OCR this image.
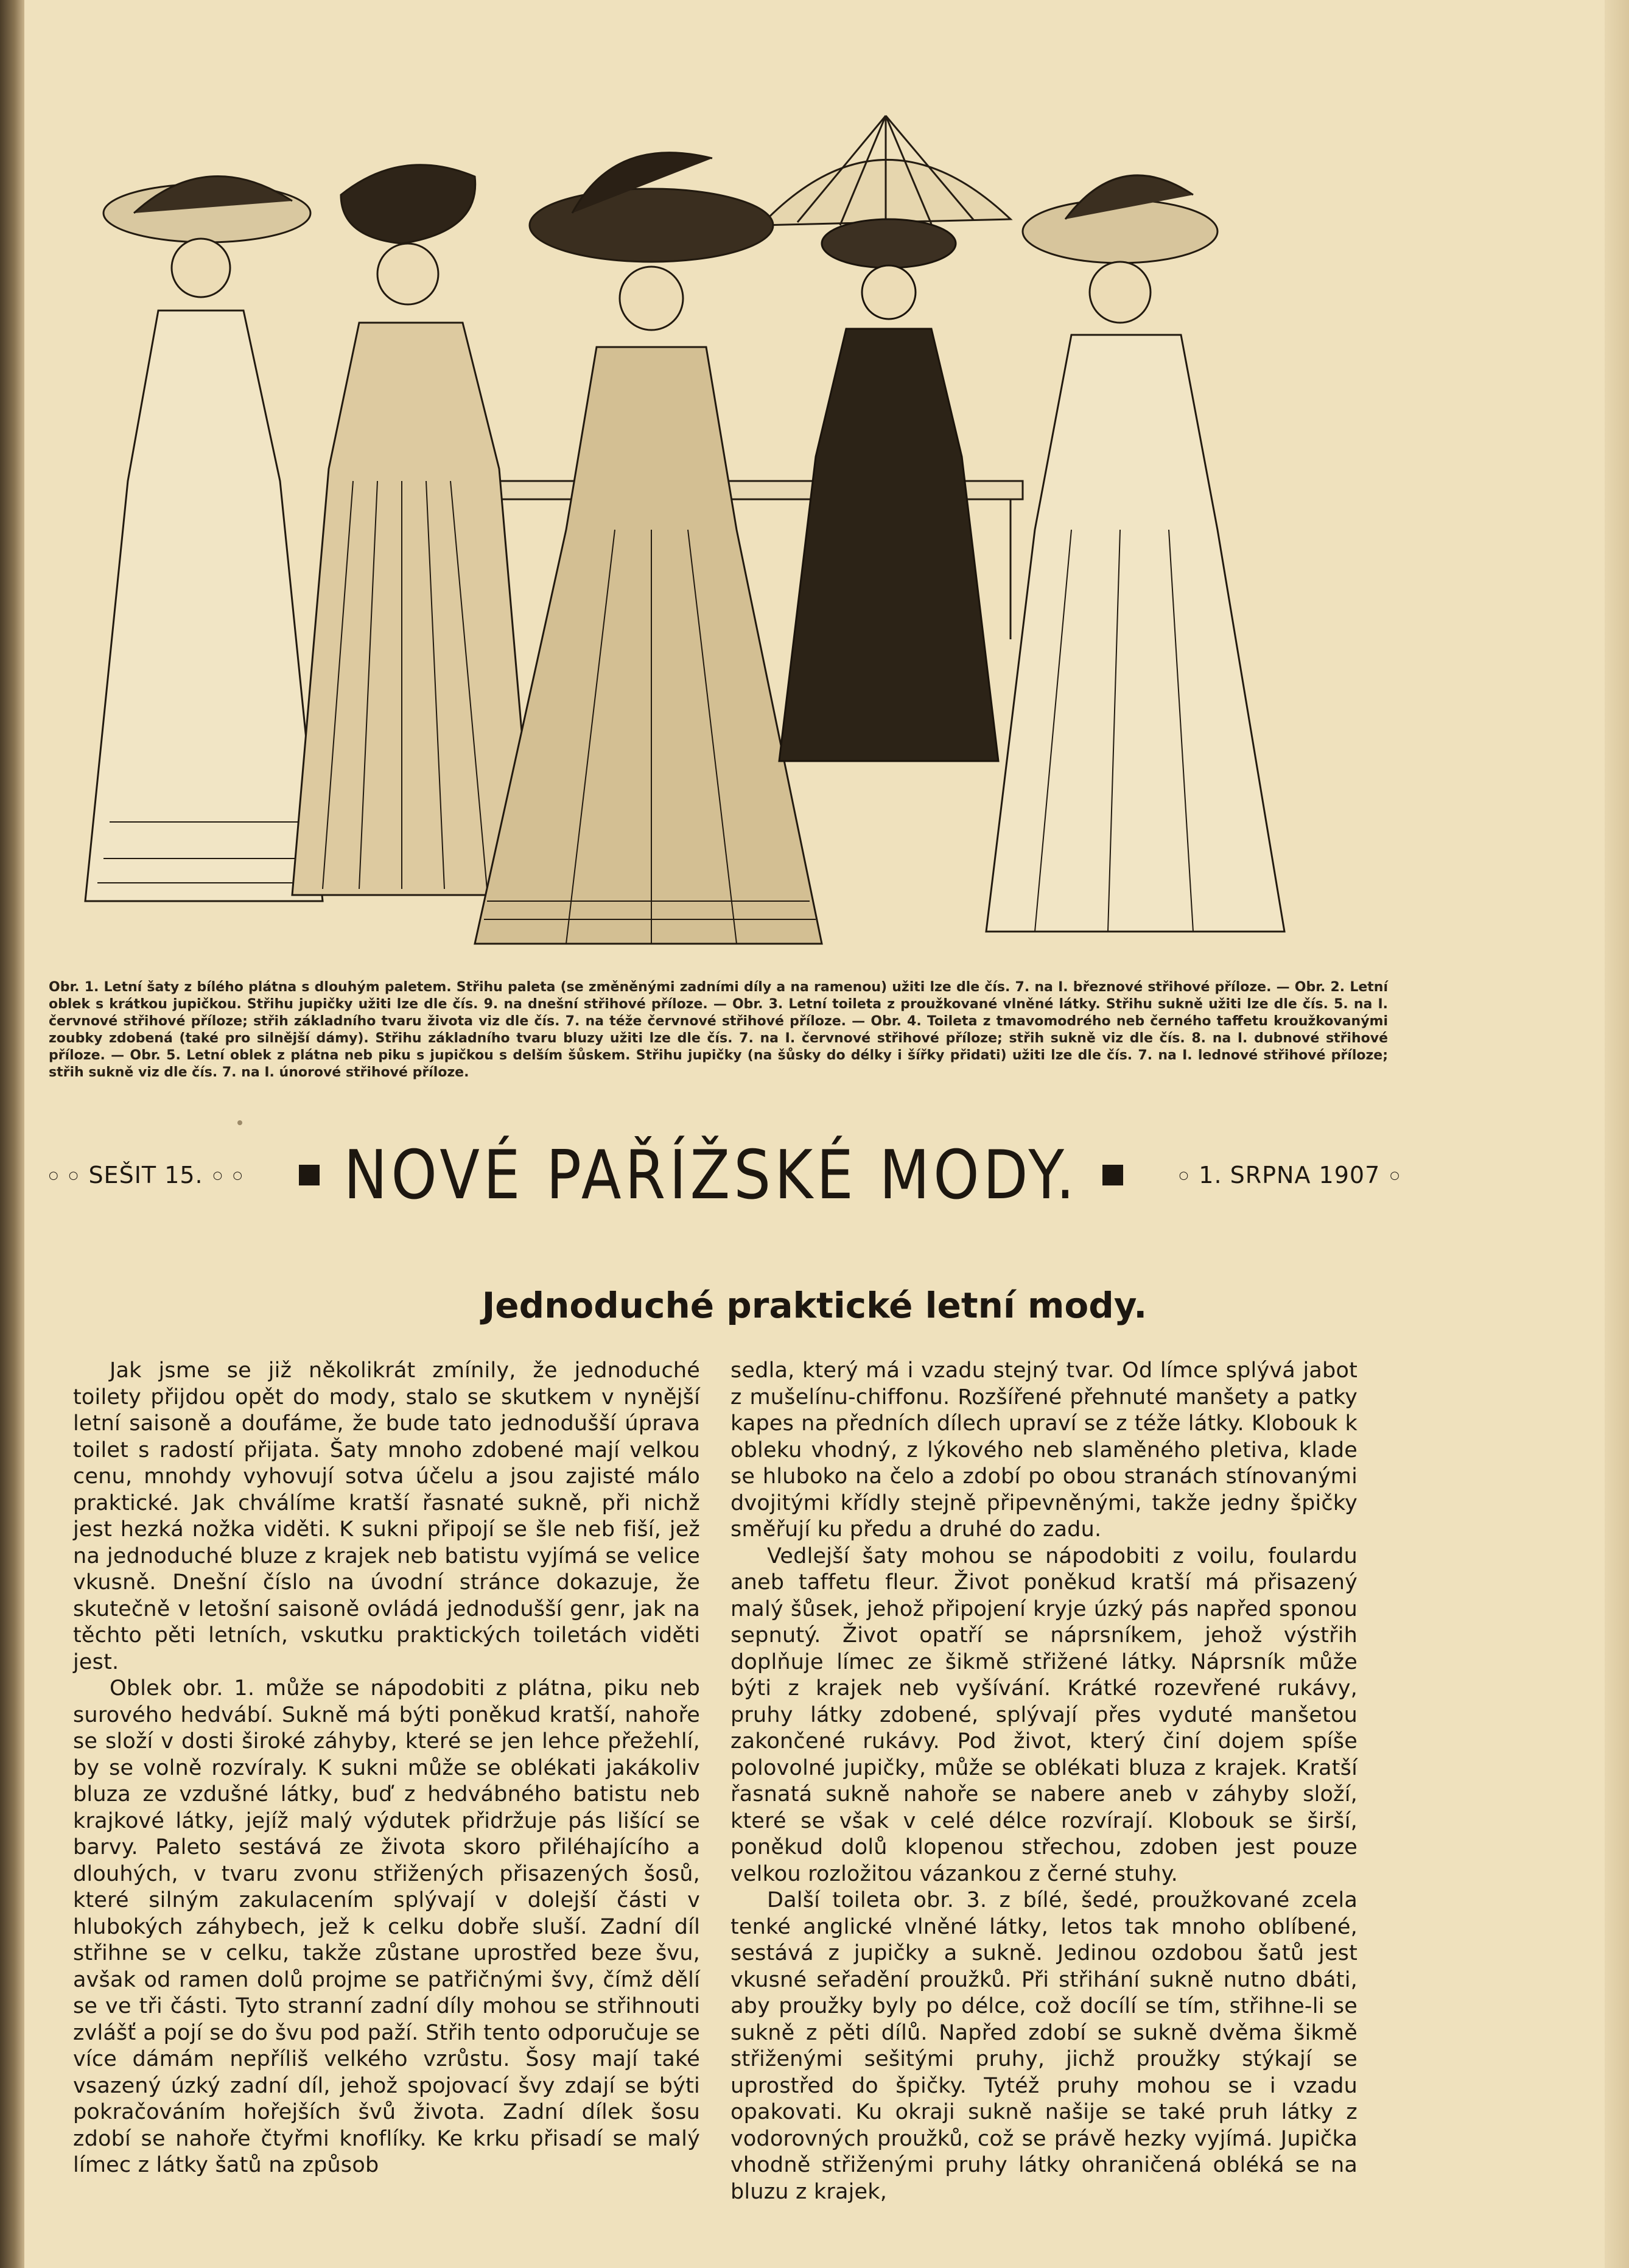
Obr. 1. Letní šaty z bílého plátna s dlouhým paletem. Střihu paleta (se změněnými zadními díly a na ramenou) užiti lze dle čís. 7. na I. březnové střihové příloze. — Obr. 2. Letní oblek s krátkou jupičkou. Střihu jupičky užiti lze dle čís. 9. na dnešní střihové příloze. — Obr. 3. Letní toileta z proužkované vlněné látky. Střihu sukně užiti lze dle čís. 5. na I. červnové střihové příloze; střih základního tvaru života viz dle čís. 7. na téže červnové střihové příloze. — Obr. 4. Toileta z tmavomodrého neb černého taffetu kroužkovanými zoubky zdobená (také pro silnější dámy). Střihu základního tvaru bluzy užiti lze dle čís. 7. na I. červnové střihové příloze; střih sukně viz dle čís. 8. na I. dubnové střihové příloze. — Obr. 5. Letní oblek z plátna neb piku s jupičkou s delším šůskem. Střihu jupičky (na šůsky do délky i šířky přidati) užiti lze dle čís. 7. na I. lednové střihové příloze; střih sukně viz dle čís. 7. na I. únorové střihové příloze.
○ ○ SEŠIT 15. ○ ○ NOVÉ PAŘÍŽSKÉ MODY.	○ 1. SRPNA 1907 ○
Jednoduché praktické letní mody.

Jak jsme se již několikrát zmínily, že jednoduché toilety přijdou opět do mody, stalo se skutkem v nynější letní saisoně a doufáme, že bude tato jednodušší úprava toilet s radostí přijata. Šaty mnoho zdobené mají velkou cenu, mnohdy vyhovují sotva účelu a jsou zajisté málo praktické. Jak chválíme kratší řasnaté sukně, při nichž jest hezká nožka viděti. K sukni připojí se šle neb fiší, jež na jednoduché bluze z krajek neb batistu vyjímá se velice vkusně. Dnešní číslo na úvodní stránce dokazuje, že skutečně v letošní saisoně ovládá jednodušší genr, jak na těchto pěti letních, vskutku praktických toiletách viděti jest.

Oblek obr. 1. může se nápodobiti z plátna, piku neb surového hedvábí. Sukně má býti poněkud kratší, nahoře se složí v dosti široké záhyby, které se jen lehce přežehlí, by se volně rozvíraly. K sukni může se oblékati jakákoliv bluza ze vzdušné látky, buď z hedvábného batistu neb krajkové látky, jejíž malý výdutek přidržuje pás lišící se barvy. Paleto sestává ze života skoro přiléhajícího a dlouhých, v tvaru zvonu střižených přisazených šosů, které silným zakulacením splývají v dolejší části v hlubokých záhybech, jež k celku dobře sluší. Zadní díl střihne se v celku, takže zůstane uprostřed beze švu, avšak od ramen dolů projme se patřičnými švy, čímž dělí se ve tři části. Tyto stranní zadní díly mohou se střihnouti zvlášť a pojí se do švu pod paží. Střih tento odporučuje se více dámám nepříliš velkého vzrůstu. Šosy mají také vsazený úzký zadní díl, jehož spojovací švy zdají se býti pokračováním hořejších švů života. Zadní dílek šosu zdobí se nahoře čtyřmi knoflíky. Ke krku přisadí se malý límec z látky šatů na způsob

sedla, který má i vzadu stejný tvar. Od límce splývá jabot z mušelínu-chiffonu. Rozšířené přehnuté manšety a patky kapes na předních dílech upraví se z téže látky. Klobouk k obleku vhodný, z lýkového neb slaměného pletiva, klade se hluboko na čelo a zdobí po obou stranách stínovanými dvojitými křídly stejně připevněnými, takže jedny špičky směřují ku předu a druhé do zadu.

Vedlejší šaty mohou se nápodobiti z voilu, foulardu aneb taffetu fleur. Život poněkud kratší má přisazený malý šůsek, jehož připojení kryje úzký pás napřed sponou sepnutý. Život opatří se náprsníkem, jehož výstřih doplňuje límec ze šikmě střižené látky. Náprsník může býti z krajek neb vyšívání. Krátké rozevřené rukávy, pruhy látky zdobené, splývají přes vyduté manšetou zakončené rukávy. Pod život, který činí dojem spíše polovolné jupičky, může se oblékati bluza z krajek. Kratší řasnatá sukně nahoře se nabere aneb v záhyby složí, které se však v celé délce rozvírají. Klobouk se širší, poněkud dolů klopenou střechou, zdoben jest pouze velkou rozložitou vázankou z černé stuhy.

Další toileta obr. 3. z bílé, šedé, proužkované zcela tenké anglické vlněné látky, letos tak mnoho oblíbené, sestává z jupičky a sukně. Jedinou ozdobou šatů jest vkusné seřadění proužků. Při střihání sukně nutno dbáti, aby proužky byly po délce, což docílí se tím, střihne-li se sukně z pěti dílů. Napřed zdobí se sukně dvěma šikmě střiženými sešitými pruhy, jichž proužky stýkají se uprostřed do špičky. Tytéž pruhy mohou se i vzadu opakovati. Ku okraji sukně našije se také pruh látky z vodorovných proužků, což se právě hezky vyjímá. Jupička vhodně střiženými pruhy látky ohraničená obléká se na bluzu z krajek,
